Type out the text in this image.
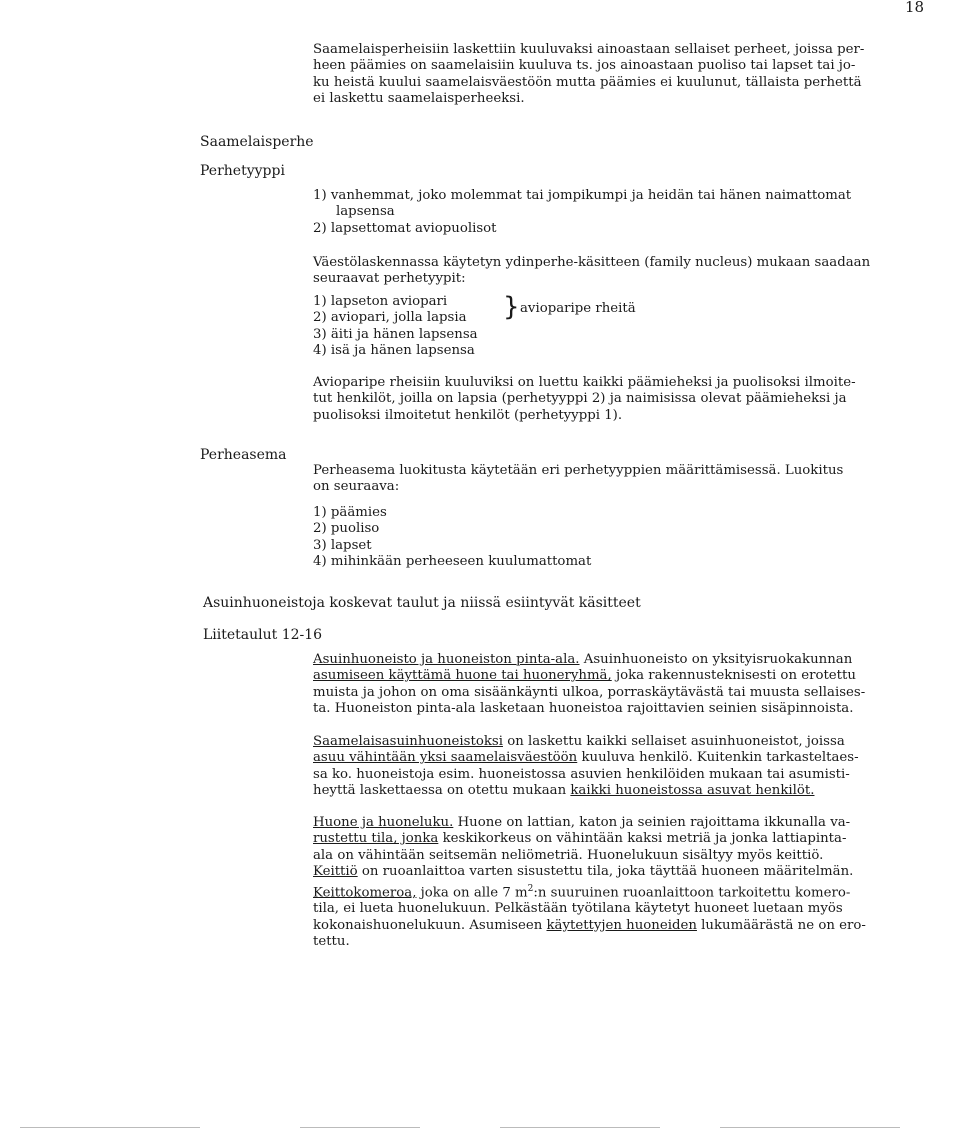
18
Saamelaisperheisiin laskettiin kuuluvaksi ainoastaan sellaiset perheet, joissa per-
heen päämies on saamelaisiin kuuluva ts. jos ainoastaan puoliso tai lapset tai jo-
ku heistä kuului saamelaisväestöön mutta päämies ei kuulunut, tällaista perhettä
ei laskettu saamelaisperheeksi.
Saamelaisperhe
Perhetyyppi
1) vanhemmat, joko molemmat tai jompikumpi ja heidän tai hänen naimattomat
lapsensa
2) lapsettomat aviopuolisot
Väestölaskennassa käytetyn ydinperhe-käsitteen (family nucleus) mukaan saadaan
seuraavat perhetyypit:
1) lapseton aviopari
2) aviopari, jolla lapsia
3) äiti ja hänen lapsensa
4) isä ja hänen lapsensa
} avioparipe rheitä
Avioparipe rheisiin kuuluviksi on luettu kaikki päämieheksi ja puolisoksi ilmoite-
tut henkilöt, joilla on lapsia (perhetyyppi 2) ja naimisissa olevat päämieheksi ja
puolisoksi ilmoitetut henkilöt (perhetyyppi 1).
Perheasema
Perheasema luokitusta käytetään eri perhetyyppien määrittämisessä. Luokitus
on seuraava:
1) päämies
2) puoliso
3) lapset
4) mihinkään perheeseen kuulumattomat
Asuinhuoneistoja koskevat taulut ja niissä esiintyvät käsitteet
Liitetaulut 12-16
Asuinhuoneisto ja huoneiston pinta-ala. Asuinhuoneisto on yksityisruokakunnan
asumiseen käyttämä huone tai huoneryhmä, joka rakennusteknisesti on erotettu
muista ja johon on oma sisäänkäynti ulkoa, porraskäytävästä tai muusta sellaises-
ta. Huoneiston pinta-ala lasketaan huoneistoa rajoittavien seinien sisäpinnoista.
Saamelaisasuinhuoneistoksi on laskettu kaikki sellaiset asuinhuoneistot, joissa
asuu vähintään yksi saamelaisväestöön kuuluva henkilö. Kuitenkin tarkasteltaes-
sa ko. huoneistoja esim. huoneistossa asuvien henkilöiden mukaan tai asumisti-
heyttä laskettaessa on otettu mukaan kaikki huoneistossa asuvat henkilöt.
Huone ja huoneluku. Huone on lattian, katon ja seinien rajoittama ikkunalla va-
rustettu tila, jonka keskikorkeus on vähintään kaksi metriä ja jonka lattiapinta-
ala on vähintään seitsemän neliömetriä. Huonelukuun sisältyy myös keittiö.
Keittiö on ruoanlaittoa varten sisustettu tila, joka täyttää huoneen määritelmän.
Keittokomeroa, joka on alle 7 $m^2:n$ suuruinen ruoanlaittoon tarkoitettu komero-
tila, ei lueta huonelukuun. Pelkästään työtilana käytetyt huoneet luetaan myös
kokonaishuonelukuun. Asumiseen käytettyjen huoneiden lukumäärästä ne on ero-
tettu.
